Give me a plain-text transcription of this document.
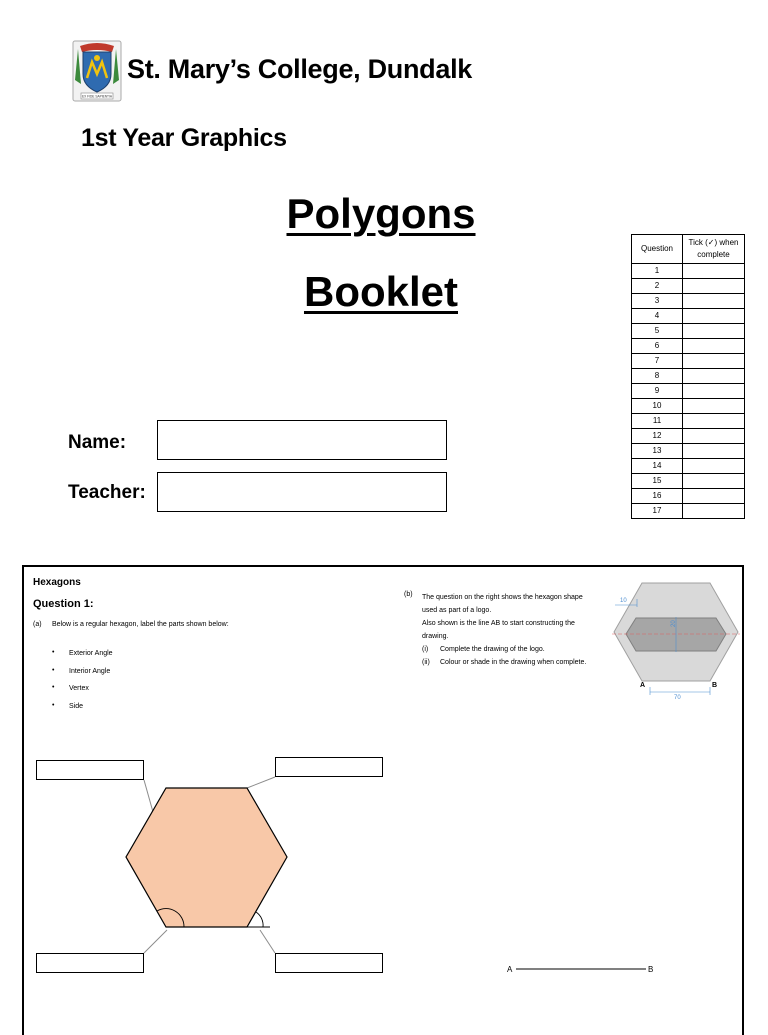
EX FIDE SAPIENTIA
St. Mary’s College, Dundalk
1st Year Graphics
Polygons
Booklet
Name:
Teacher:
Question	Tick (✓) when complete
1	
2	
3	
4	
5	
6	
7	
8	
9	
10	
11	
12	
13	
14	
15	
16	
17	
Hexagons
Question 1:
(a) Below is a regular hexagon, label the parts shown below:
• Exterior Angle
• Interior Angle
• Vertex
• Side
(b) The question on the right shows the hexagon shape
used as part of a logo.
Also shown is the line AB to start constructing the
drawing.
(i)	Complete the drawing of the logo.
(ii)	Colour or shade in the drawing when complete.
A	B
20
10
A	B
70
